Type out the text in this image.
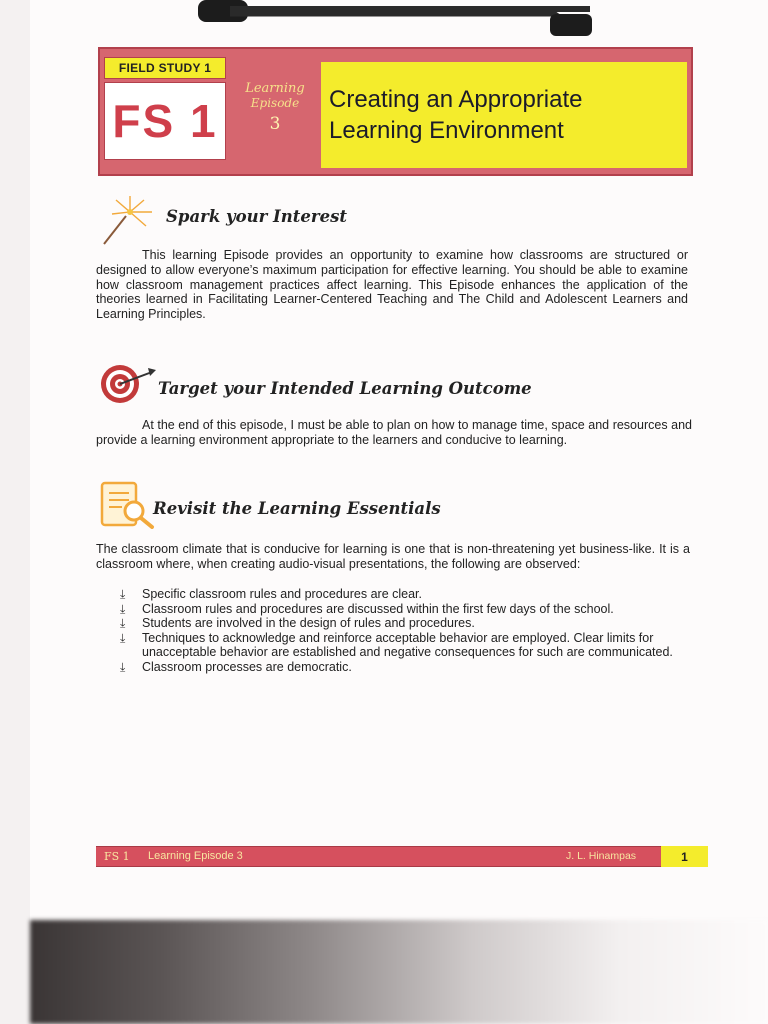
FIELD STUDY 1
FS 1
Learning
Episode
3
Creating an Appropriate
Learning Environment
Spark your Interest
This learning Episode provides an opportunity to examine how classrooms are structured or designed to allow everyone’s maximum participation for effective learning. You should be able to examine how classroom management practices affect learning. This Episode enhances the application of the theories learned in Facilitating Learner-Centered Teaching and The Child and Adolescent Learners and Learning Principles.
Target your Intended Learning Outcome
At the end of this episode, I must be able to plan on how to manage time, space and resources and provide a learning environment appropriate to the learners and conducive to learning.
Revisit the Learning Essentials
The classroom climate that is conducive for learning is one that is non-threatening yet business-like. It is a classroom where, when creating audio-visual presentations, the following are observed:
⤓ Specific classroom rules and procedures are clear.
⤓ Classroom rules and procedures are discussed within the first few days of the school.
⤓ Students are involved in the design of rules and procedures.
⤓ Techniques to acknowledge and reinforce acceptable behavior are employed. Clear limits for unacceptable behavior are established and negative consequences for such are communicated.
⤓ Classroom processes are democratic.
FS 1 Learning Episode 3	J. L. Hinampas	1
